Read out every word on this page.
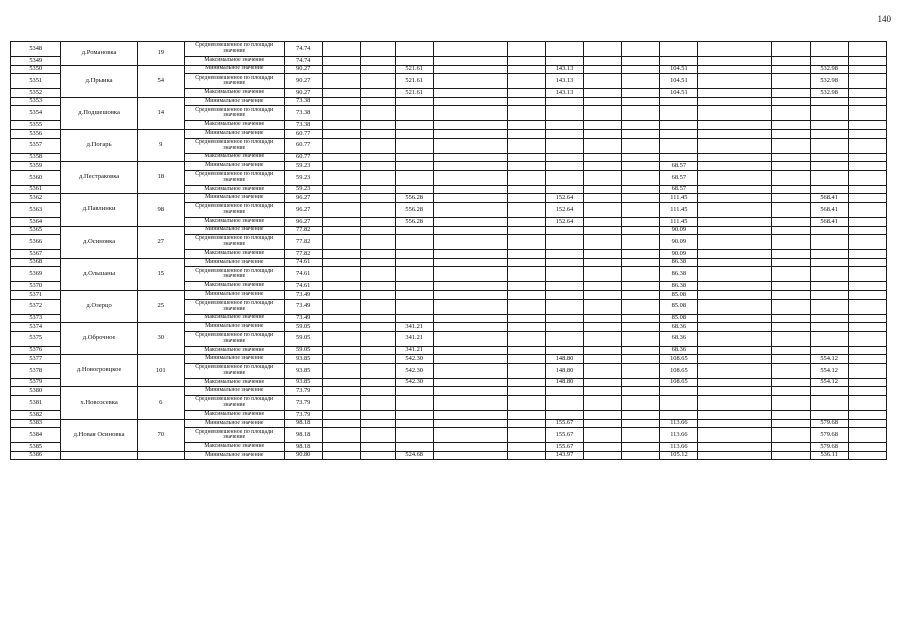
140
5348	д.Романовка	19	Средневзвешенное по площади значение	74.74													
5349			Максимальное значение	74.74													
5350	д.Прыика	54	Минимальное значение	90.27			521.61			143.13			104.51			532.98	
5351			Средневзвешенное по площади значение	90.27			521.61			143.13			104.51			532.98	
5352			Максимальное значение	90.27			521.61			143.13			104.51			532.98	
5353	д.Подшешовка	14	Минимальное значение	73.38													
5354			Средневзвешенное по площади значение	73.38													
5355			Максимальное значение	73.38													
5356	д.Погарь	9	Минимальное значение	60.77													
5357			Средневзвешенное по площади значение	60.77													
5358			Максимальное значение	60.77													
5359	д.Пестраковка	18	Минимальное значение	59.23									68.57				
5360			Средневзвешенное по площади значение	59.23									68.57				
5361			Максимальное значение	59.23									68.57				
5362	д.Павлинки	98	Минимальное значение	96.27			556.28			152.64			111.45			568.41	
5363			Средневзвешенное по площади значение	96.27			556.28			152.64			111.45			568.41	
5364			Максимальное значение	96.27			556.28			152.64			111.45			568.41	
5365	д.Осиновка	27	Минимальное значение	77.82									90.09				
5366			Средневзвешенное по площади значение	77.82									90.09				
5367			Максимальное значение	77.82									90.09				
5368	д.Ольшаны	15	Минимальное значение	74.61									86.38				
5369			Средневзвешенное по площади значение	74.61									86.38				
5370			Максимальное значение	74.61									86.38				
5371	д.Озерцо	25	Минимальное значение	73.49									85.08				
5372			Средневзвешенное по площади значение	73.49									85.08				
5373			Максимальное значение	73.49									85.08				
5374	д.Оброчное	30	Минимальное значение	59.05			341.21						68.36				
5375			Средневзвешенное по площади значение	59.05			341.21						68.36				
5376			Максимальное значение	59.05			341.21						68.36				
5377	д.Новогровцкое	101	Минимальное значение	93.85			542.30			148.80			108.65			554.12	
5378			Средневзвешенное по площади значение	93.85			542.30			148.80			108.65			554.12	
5379			Максимальное значение	93.85			542.30			148.80			108.65			554.12	
5380	х.Новоэсевка	6	Минимальное значение	73.79													
5381			Средневзвешенное по площади значение	73.79													
5382			Максимальное значение	73.79													
5383	д.Новая Осиновка	70	Минимальное значение	98.18						155.67			113.66			579.68	
5384			Средневзвешенное по площади значение	98.18						155.67			113.66			579.68	
5385			Максимальное значение	98.18						155.67			113.66			579.68	
5386			Минимальное значение	90.80			524.68			143.97			105.12			536.11	
